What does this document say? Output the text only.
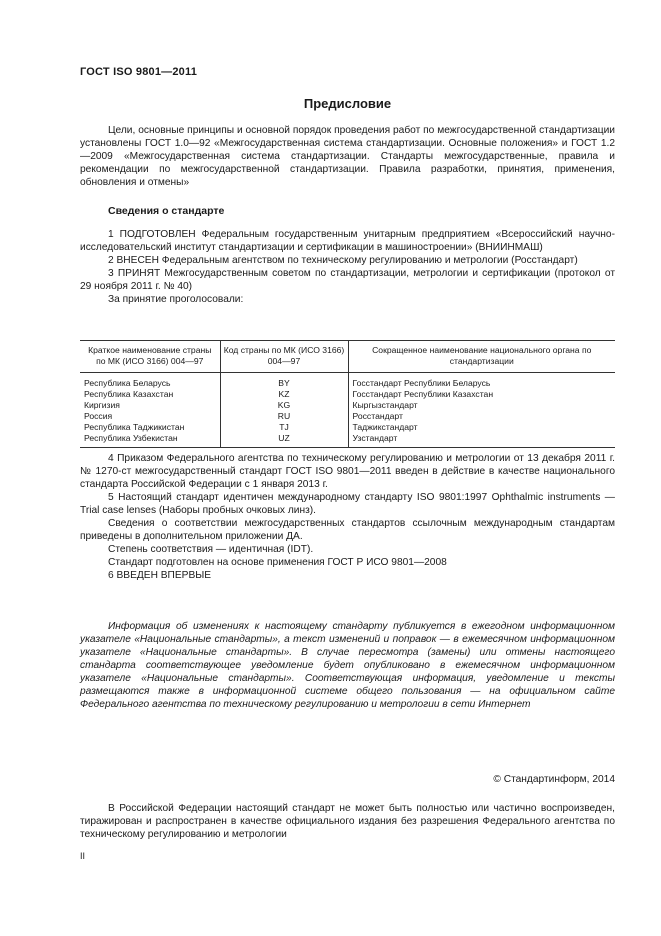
ГОСТ ISO 9801—2011
Предисловие

Цели, основные принципы и основной порядок проведения работ по межгосударственной стандартизации установлены ГОСТ 1.0—92 «Межгосударственная система стандартизации. Основные положения» и ГОСТ 1.2—2009 «Межгосударственная система стандартизации. Стандарты межгосударственные, правила и рекомендации по межгосударственной стандартизации. Правила разработки, принятия, применения, обновления и отмены»

Сведения о стандарте

1 ПОДГОТОВЛЕН Федеральным государственным унитарным предприятием «Всероссийский научно-исследовательский институт стандартизации и сертификации в машиностроении» (ВНИИНМАШ)

2 ВНЕСЕН Федеральным агентством по техническому регулированию и метрологии (Росстандарт)

3 ПРИНЯТ Межгосударственным советом по стандартизации, метрологии и сертификации (протокол от 29 ноября 2011 г. № 40)

За принятие проголосовали:

Краткое наименование страны по МК (ИСО 3166) 004—97	Код страны по МК (ИСО 3166) 004—97	Сокращенное наименование национального органа по стандартизации
Республика Беларусь	BY	Госстандарт Республики Беларусь
Республика Казахстан	KZ	Госстандарт Республики Казахстан
Киргизия	KG	Кыргызстандарт
Россия	RU	Росстандарт
Республика Таджикистан	TJ	Таджикстандарт
Республика Узбекистан	UZ	Узстандарт

4 Приказом Федерального агентства по техническому регулированию и метрологии от 13 декабря 2011 г. № 1270-ст межгосударственный стандарт ГОСТ ISO 9801—2011 введен в действие в качестве национального стандарта Российской Федерации с 1 января 2013 г.

5 Настоящий стандарт идентичен международному стандарту ISO 9801:1997 Ophthalmic instruments — Trial case lenses (Наборы пробных очковых линз).

Сведения о соответствии межгосударственных стандартов ссылочным международным стандартам приведены в дополнительном приложении ДА.

Степень соответствия — идентичная (IDT).

Стандарт подготовлен на основе применения ГОСТ Р ИСО 9801—2008

6 ВВЕДЕН ВПЕРВЫЕ

Информация об изменениях к настоящему стандарту публикуется в ежегодном информационном указателе «Национальные стандарты», а текст изменений и поправок — в ежемесячном информационном указателе «Национальные стандарты». В случае пересмотра (замены) или отмены настоящего стандарта соответствующее уведомление будет опубликовано в ежемесячном информационном указателе «Национальные стандарты». Соответствующая информация, уведомление и тексты размещаются также в информационной системе общего пользования — на официальном сайте Федерального агентства по техническому регулированию и метрологии в сети Интернет

© Стандартинформ, 2014

В Российской Федерации настоящий стандарт не может быть полностью или частично воспроизведен, тиражирован и распространен в качестве официального издания без разрешения Федерального агентства по техническому регулированию и метрологии

II
